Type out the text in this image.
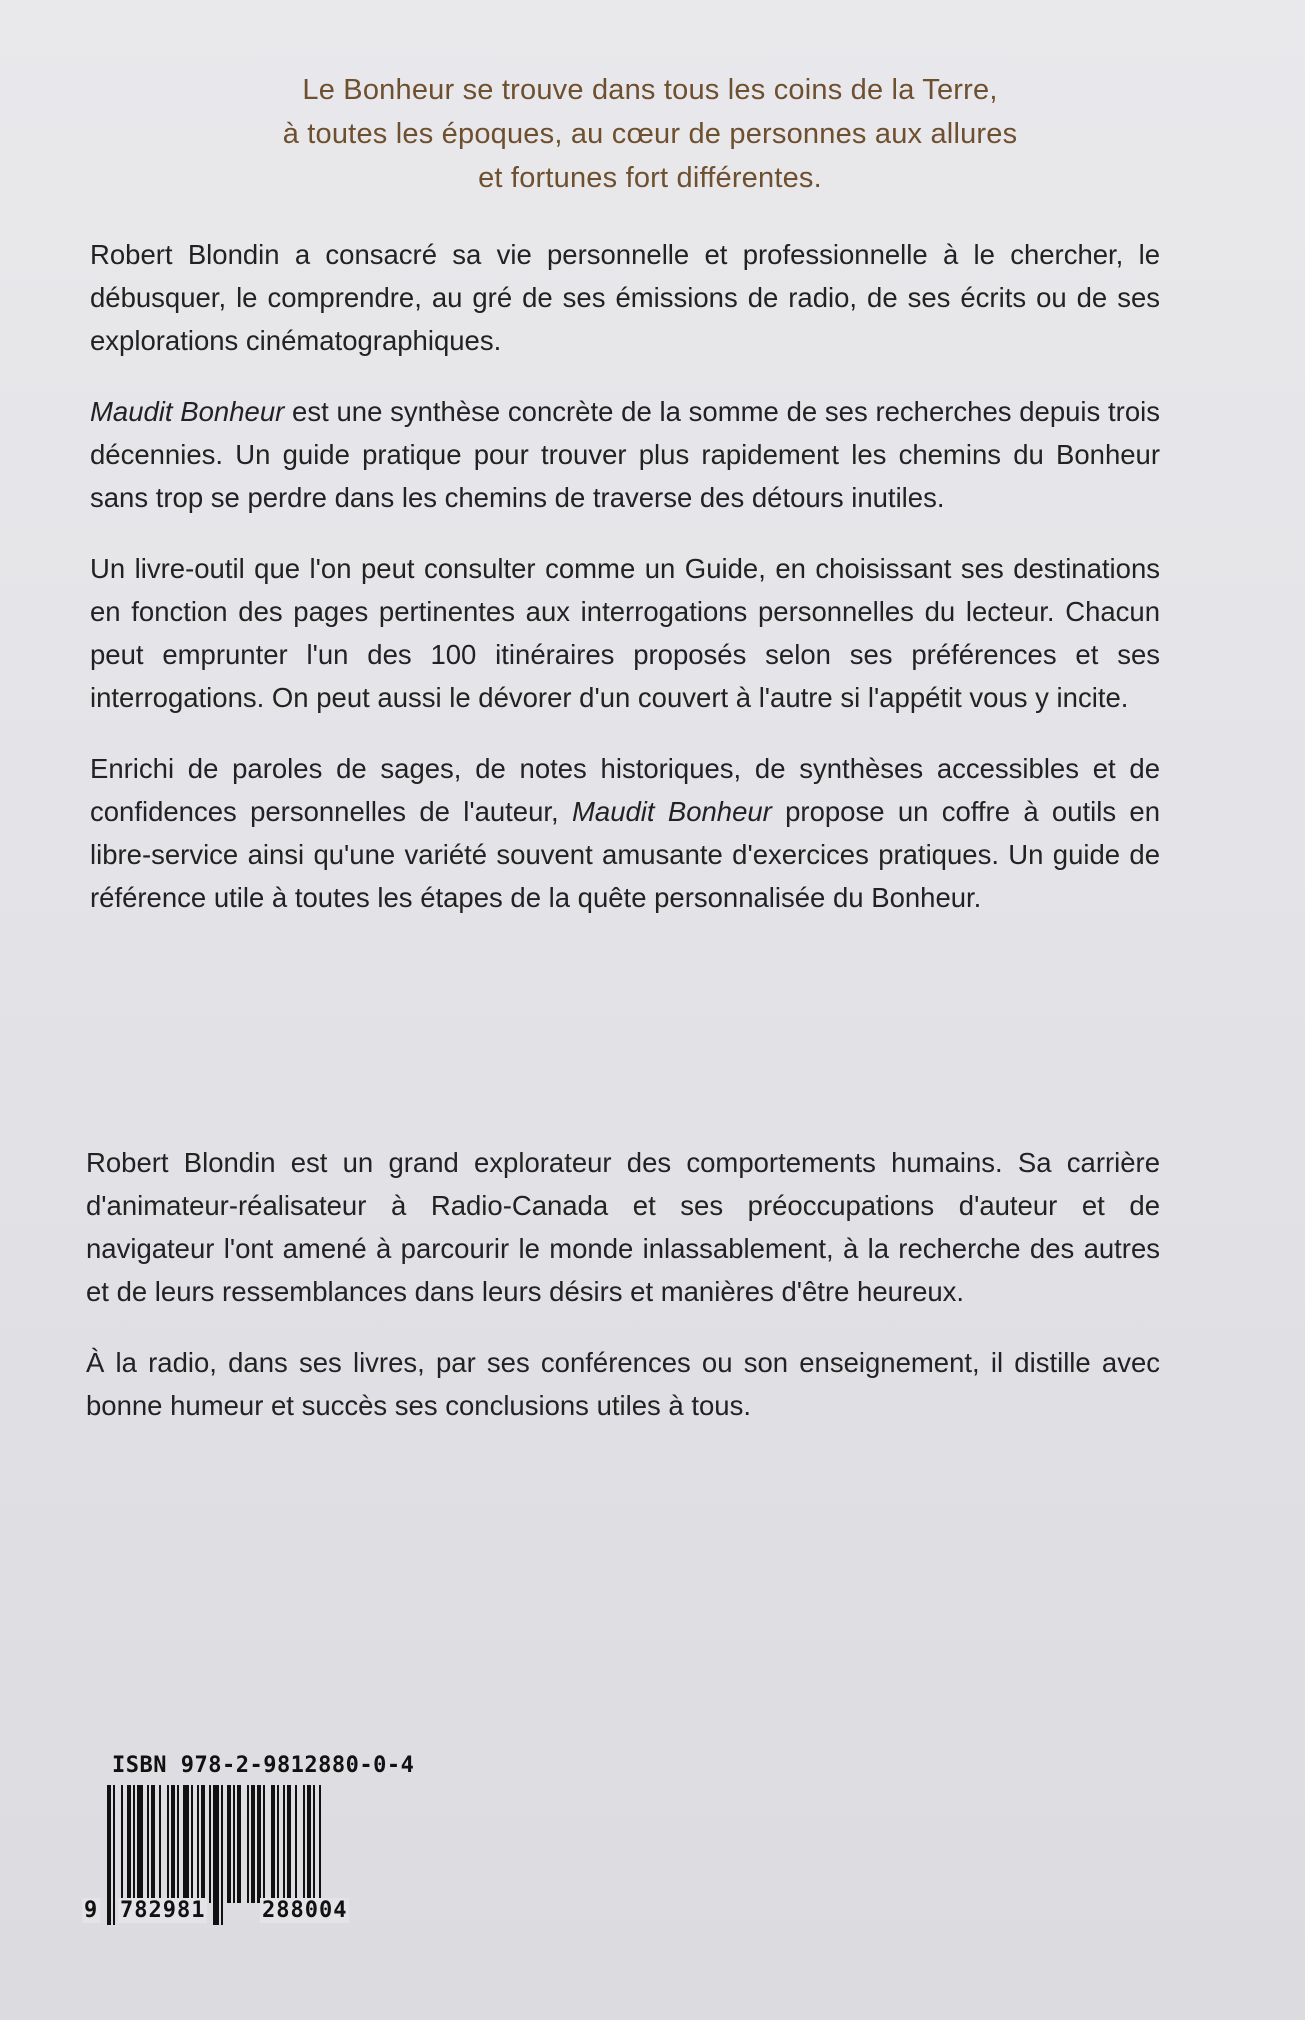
Le Bonheur se trouve dans tous les coins de la Terre,
à toutes les époques, au cœur de personnes aux allures
et fortunes fort différentes.

Robert Blondin a consacré sa vie personnelle et professionnelle à le chercher, le débusquer, le comprendre, au gré de ses émissions de radio, de ses écrits ou de ses explorations cinématographiques.

Maudit Bonheur est une synthèse concrète de la somme de ses recherches depuis trois décennies. Un guide pratique pour trouver plus rapidement les chemins du Bonheur sans trop se perdre dans les chemins de traverse des détours inutiles.

Un livre-outil que l'on peut consulter comme un Guide, en choisissant ses destinations en fonction des pages pertinentes aux interrogations personnelles du lecteur. Chacun peut emprunter l'un des 100 itinéraires proposés selon ses préférences et ses interrogations. On peut aussi le dévorer d'un couvert à l'autre si l'appétit vous y incite.

Enrichi de paroles de sages, de notes historiques, de synthèses accessibles et de confidences personnelles de l'auteur, Maudit Bonheur propose un coffre à outils en libre-service ainsi qu'une variété souvent amusante d'exercices pratiques. Un guide de référence utile à toutes les étapes de la quête personnalisée du Bonheur.

Robert Blondin est un grand explorateur des comportements humains. Sa carrière d'animateur-réalisateur à Radio-Canada et ses préoccupations d'auteur et de navigateur l'ont amené à parcourir le monde inlassablement, à la recherche des autres et de leurs ressemblances dans leurs désirs et manières d'être heureux.

À la radio, dans ses livres, par ses conférences ou son enseignement, il distille avec bonne humeur et succès ses conclusions utiles à tous.

ISBN 978-2-9812880-0-4
9 782981	288004
